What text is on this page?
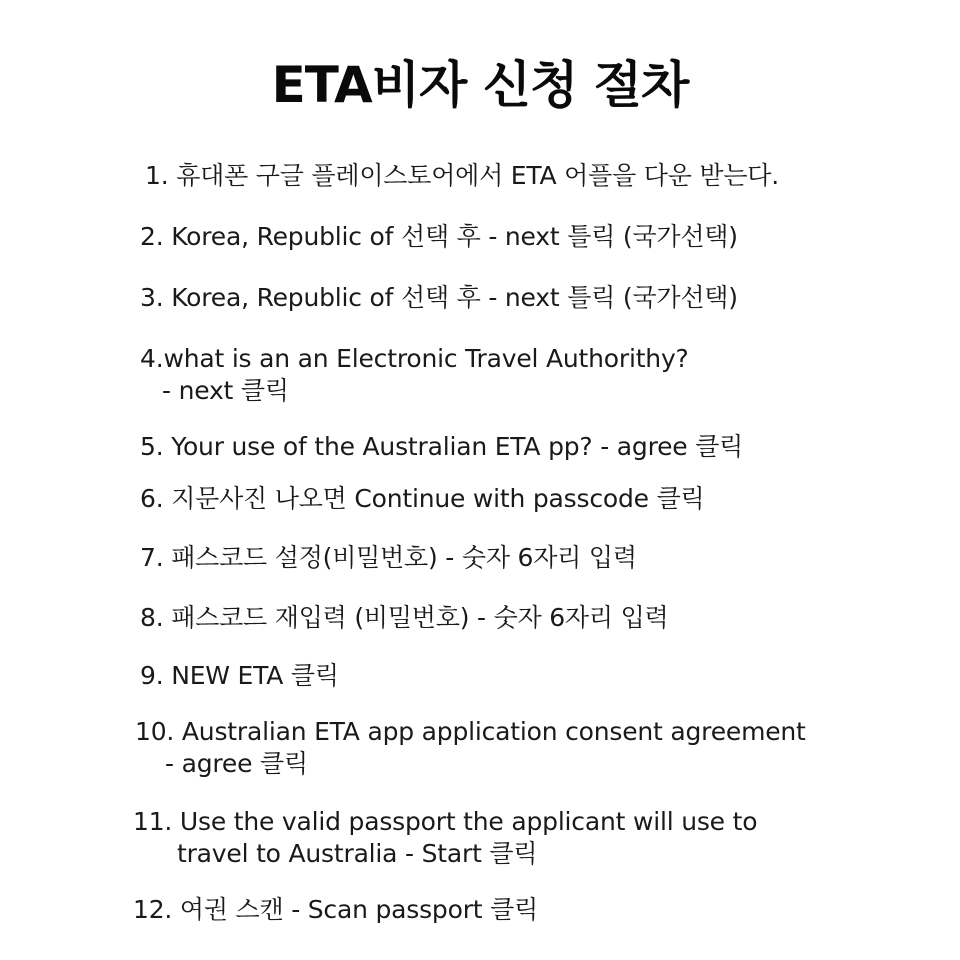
ETA비자 신청 절차
1. 휴대폰 구글 플레이스토어에서 ETA 어플을 다운 받는다.
2. Korea, Republic of 선택 후 - next 틀릭 (국가선택)
3. Korea, Republic of 선택 후 - next 틀릭 (국가선택)
4.what is an an Electronic Travel Authorithy?
- next 클릭
5. Your use of the Australian ETA pp? - agree 클릭
6. 지문사진 나오면 Continue with passcode 클릭
7. 패스코드 설정(비밀번호) - 숫자 6자리 입력
8. 패스코드 재입력 (비밀번호) - 숫자 6자리 입력
9. NEW ETA 클릭
10. Australian ETA app application consent agreement
- agree 클릭
11. Use the valid passport the applicant will use to
travel to Australia - Start 클릭
12. 여권 스캔 - Scan passport 클릭
